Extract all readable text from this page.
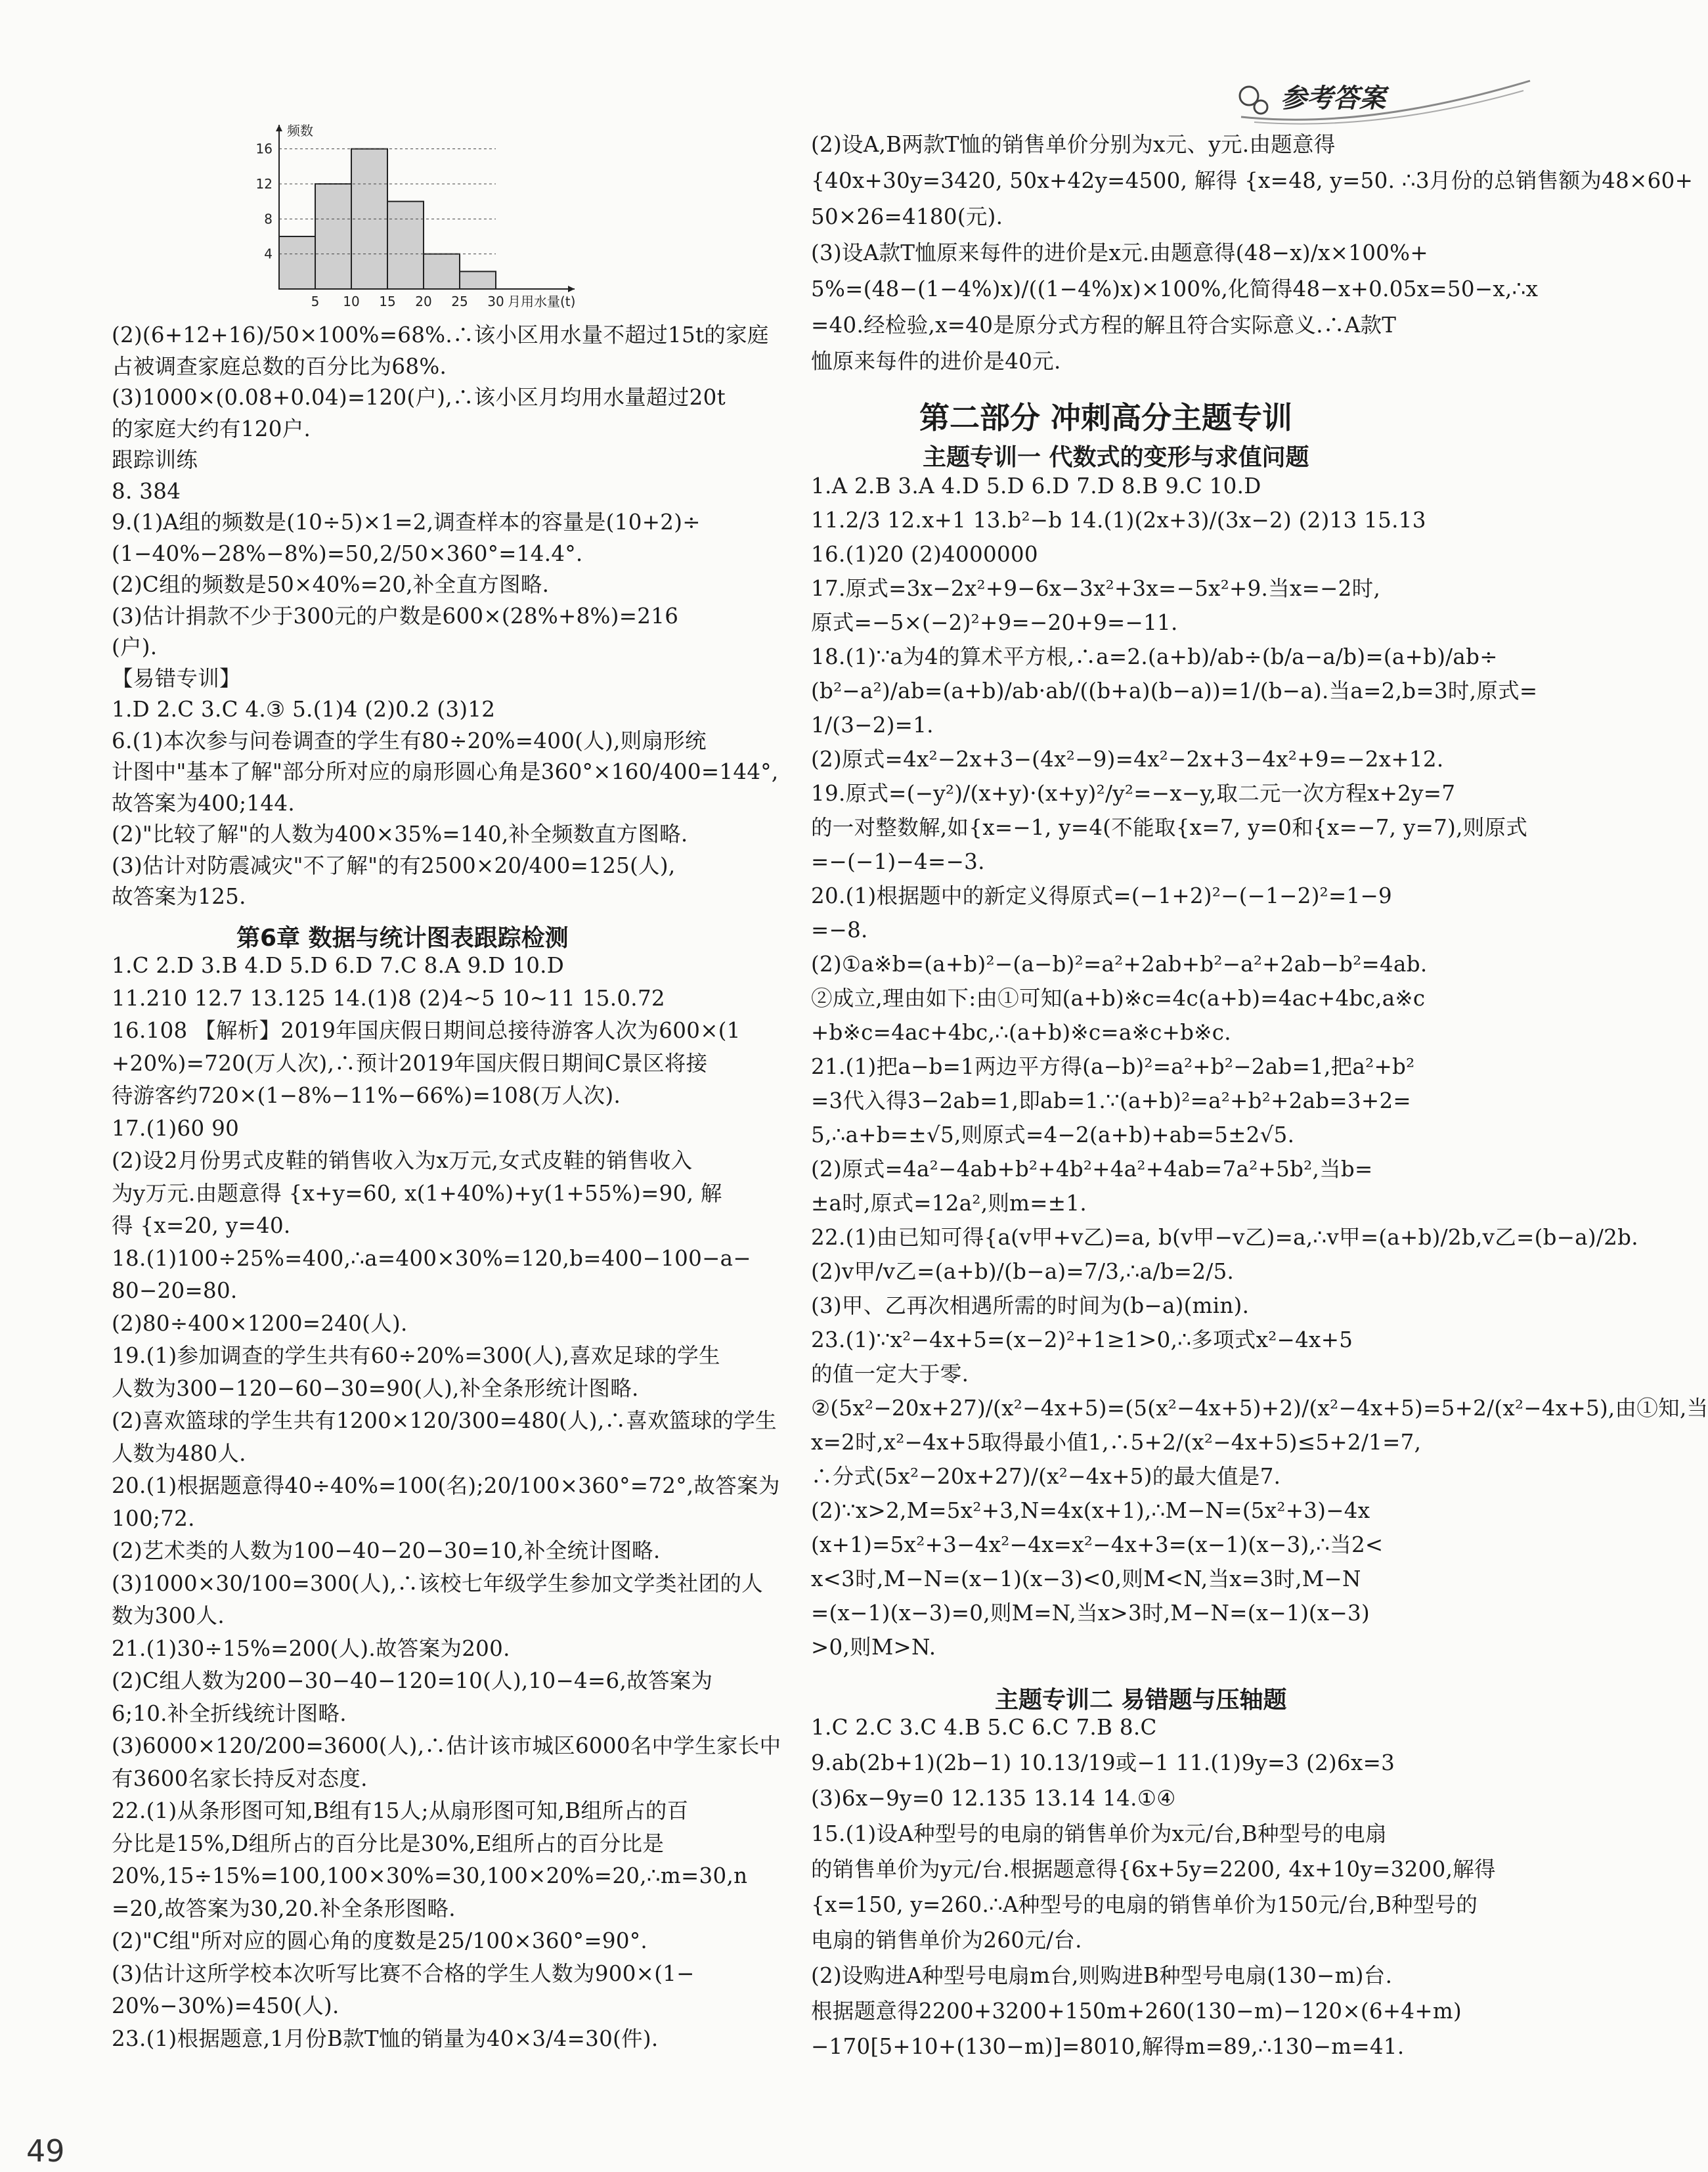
参考答案
4
8
12
16
5 10 15 20 25 30
频数
月用水量(t)
(2)(6+12+16)/50×100%=68%.∴该小区用水量不超过15t的家庭
占被调查家庭总数的百分比为68%.
(3)1000×(0.08+0.04)=120(户),∴该小区月均用水量超过20t
的家庭大约有120户.
跟踪训练
8. 384
9.(1)A组的频数是(10÷5)×1=2,调查样本的容量是(10+2)÷
(1−40%−28%−8%)=50,2/50×360°=14.4°.
(2)C组的频数是50×40%=20,补全直方图略.
(3)估计捐款不少于300元的户数是600×(28%+8%)=216
(户).
【易错专训】
1.D 2.C 3.C 4.③ 5.(1)4 (2)0.2 (3)12
6.(1)本次参与问卷调查的学生有80÷20%=400(人),则扇形统
计图中"基本了解"部分所对应的扇形圆心角是360°×160/400=144°,
故答案为400;144.
(2)"比较了解"的人数为400×35%=140,补全频数直方图略.
(3)估计对防震减灾"不了解"的有2500×20/400=125(人),
故答案为125.
第6章 数据与统计图表跟踪检测
1.C 2.D 3.B 4.D 5.D 6.D 7.C 8.A 9.D 10.D
11.210 12.7 13.125 14.(1)8 (2)4~5 10~11 15.0.72
16.108 【解析】2019年国庆假日期间总接待游客人次为600×(1
+20%)=720(万人次),∴预计2019年国庆假日期间C景区将接
待游客约720×(1−8%−11%−66%)=108(万人次).
17.(1)60 90
(2)设2月份男式皮鞋的销售收入为x万元,女式皮鞋的销售收入
为y万元.由题意得 {x+y=60, x(1+40%)+y(1+55%)=90, 解
得 {x=20, y=40.
18.(1)100÷25%=400,∴a=400×30%=120,b=400−100−a−
80−20=80.
(2)80÷400×1200=240(人).
19.(1)参加调查的学生共有60÷20%=300(人),喜欢足球的学生
人数为300−120−60−30=90(人),补全条形统计图略.
(2)喜欢篮球的学生共有1200×120/300=480(人),∴喜欢篮球的学生
人数为480人.
20.(1)根据题意得40÷40%=100(名);20/100×360°=72°,故答案为
100;72.
(2)艺术类的人数为100−40−20−30=10,补全统计图略.
(3)1000×30/100=300(人),∴该校七年级学生参加文学类社团的人
数为300人.
21.(1)30÷15%=200(人).故答案为200.
(2)C组人数为200−30−40−120=10(人),10−4=6,故答案为
6;10.补全折线统计图略.
(3)6000×120/200=3600(人),∴估计该市城区6000名中学生家长中
有3600名家长持反对态度.
22.(1)从条形图可知,B组有15人;从扇形图可知,B组所占的百
分比是15%,D组所占的百分比是30%,E组所占的百分比是
20%,15÷15%=100,100×30%=30,100×20%=20,∴m=30,n
=20,故答案为30,20.补全条形图略.
(2)"C组"所对应的圆心角的度数是25/100×360°=90°.
(3)估计这所学校本次听写比赛不合格的学生人数为900×(1−
20%−30%)=450(人).
23.(1)根据题意,1月份B款T恤的销量为40×3/4=30(件).
(2)设A,B两款T恤的销售单价分别为x元、y元.由题意得
{40x+30y=3420, 50x+42y=4500, 解得 {x=48, y=50. ∴3月份的总销售额为48×60+
50×26=4180(元).
(3)设A款T恤原来每件的进价是x元.由题意得(48−x)/x×100%+
5%=(48−(1−4%)x)/((1−4%)x)×100%,化简得48−x+0.05x=50−x,∴x
=40.经检验,x=40是原分式方程的解且符合实际意义.∴A款T
恤原来每件的进价是40元.
第二部分 冲刺高分主题专训
主题专训一 代数式的变形与求值问题
1.A 2.B 3.A 4.D 5.D 6.D 7.D 8.B 9.C 10.D
11.2/3 12.x+1 13.b²−b 14.(1)(2x+3)/(3x−2) (2)13 15.13
16.(1)20 (2)4000000
17.原式=3x−2x²+9−6x−3x²+3x=−5x²+9.当x=−2时,
原式=−5×(−2)²+9=−20+9=−11.
18.(1)∵a为4的算术平方根,∴a=2.(a+b)/ab÷(b/a−a/b)=(a+b)/ab÷
(b²−a²)/ab=(a+b)/ab·ab/((b+a)(b−a))=1/(b−a).当a=2,b=3时,原式=
1/(3−2)=1.
(2)原式=4x²−2x+3−(4x²−9)=4x²−2x+3−4x²+9=−2x+12.
19.原式=(−y²)/(x+y)·(x+y)²/y²=−x−y,取二元一次方程x+2y=7
的一对整数解,如{x=−1, y=4(不能取{x=7, y=0和{x=−7, y=7),则原式
=−(−1)−4=−3.
20.(1)根据题中的新定义得原式=(−1+2)²−(−1−2)²=1−9
=−8.
(2)①a※b=(a+b)²−(a−b)²=a²+2ab+b²−a²+2ab−b²=4ab.
②成立,理由如下:由①可知(a+b)※c=4c(a+b)=4ac+4bc,a※c
+b※c=4ac+4bc,∴(a+b)※c=a※c+b※c.
21.(1)把a−b=1两边平方得(a−b)²=a²+b²−2ab=1,把a²+b²
=3代入得3−2ab=1,即ab=1.∵(a+b)²=a²+b²+2ab=3+2=
5,∴a+b=±√5,则原式=4−2(a+b)+ab=5±2√5.
(2)原式=4a²−4ab+b²+4b²+4a²+4ab=7a²+5b²,当b=
±a时,原式=12a²,则m=±1.
22.(1)由已知可得{a(v甲+v乙)=a, b(v甲−v乙)=a,∴v甲=(a+b)/2b,v乙=(b−a)/2b.
(2)v甲/v乙=(a+b)/(b−a)=7/3,∴a/b=2/5.
(3)甲、乙再次相遇所需的时间为(b−a)(min).
23.(1)∵x²−4x+5=(x−2)²+1≥1>0,∴多项式x²−4x+5
的值一定大于零.
②(5x²−20x+27)/(x²−4x+5)=(5(x²−4x+5)+2)/(x²−4x+5)=5+2/(x²−4x+5),由①知,当
x=2时,x²−4x+5取得最小值1,∴5+2/(x²−4x+5)≤5+2/1=7,
∴分式(5x²−20x+27)/(x²−4x+5)的最大值是7.
(2)∵x>2,M=5x²+3,N=4x(x+1),∴M−N=(5x²+3)−4x
(x+1)=5x²+3−4x²−4x=x²−4x+3=(x−1)(x−3),∴当2<
x<3时,M−N=(x−1)(x−3)<0,则M<N,当x=3时,M−N
=(x−1)(x−3)=0,则M=N,当x>3时,M−N=(x−1)(x−3)
>0,则M>N.
主题专训二 易错题与压轴题
1.C 2.C 3.C 4.B 5.C 6.C 7.B 8.C
9.ab(2b+1)(2b−1) 10.13/19或−1 11.(1)9y=3 (2)6x=3
(3)6x−9y=0 12.135 13.14 14.①④
15.(1)设A种型号的电扇的销售单价为x元/台,B种型号的电扇
的销售单价为y元/台.根据题意得{6x+5y=2200, 4x+10y=3200,解得
{x=150, y=260.∴A种型号的电扇的销售单价为150元/台,B种型号的
电扇的销售单价为260元/台.
(2)设购进A种型号电扇m台,则购进B种型号电扇(130−m)台.
根据题意得2200+3200+150m+260(130−m)−120×(6+4+m)
−170[5+10+(130−m)]=8010,解得m=89,∴130−m=41.
49
